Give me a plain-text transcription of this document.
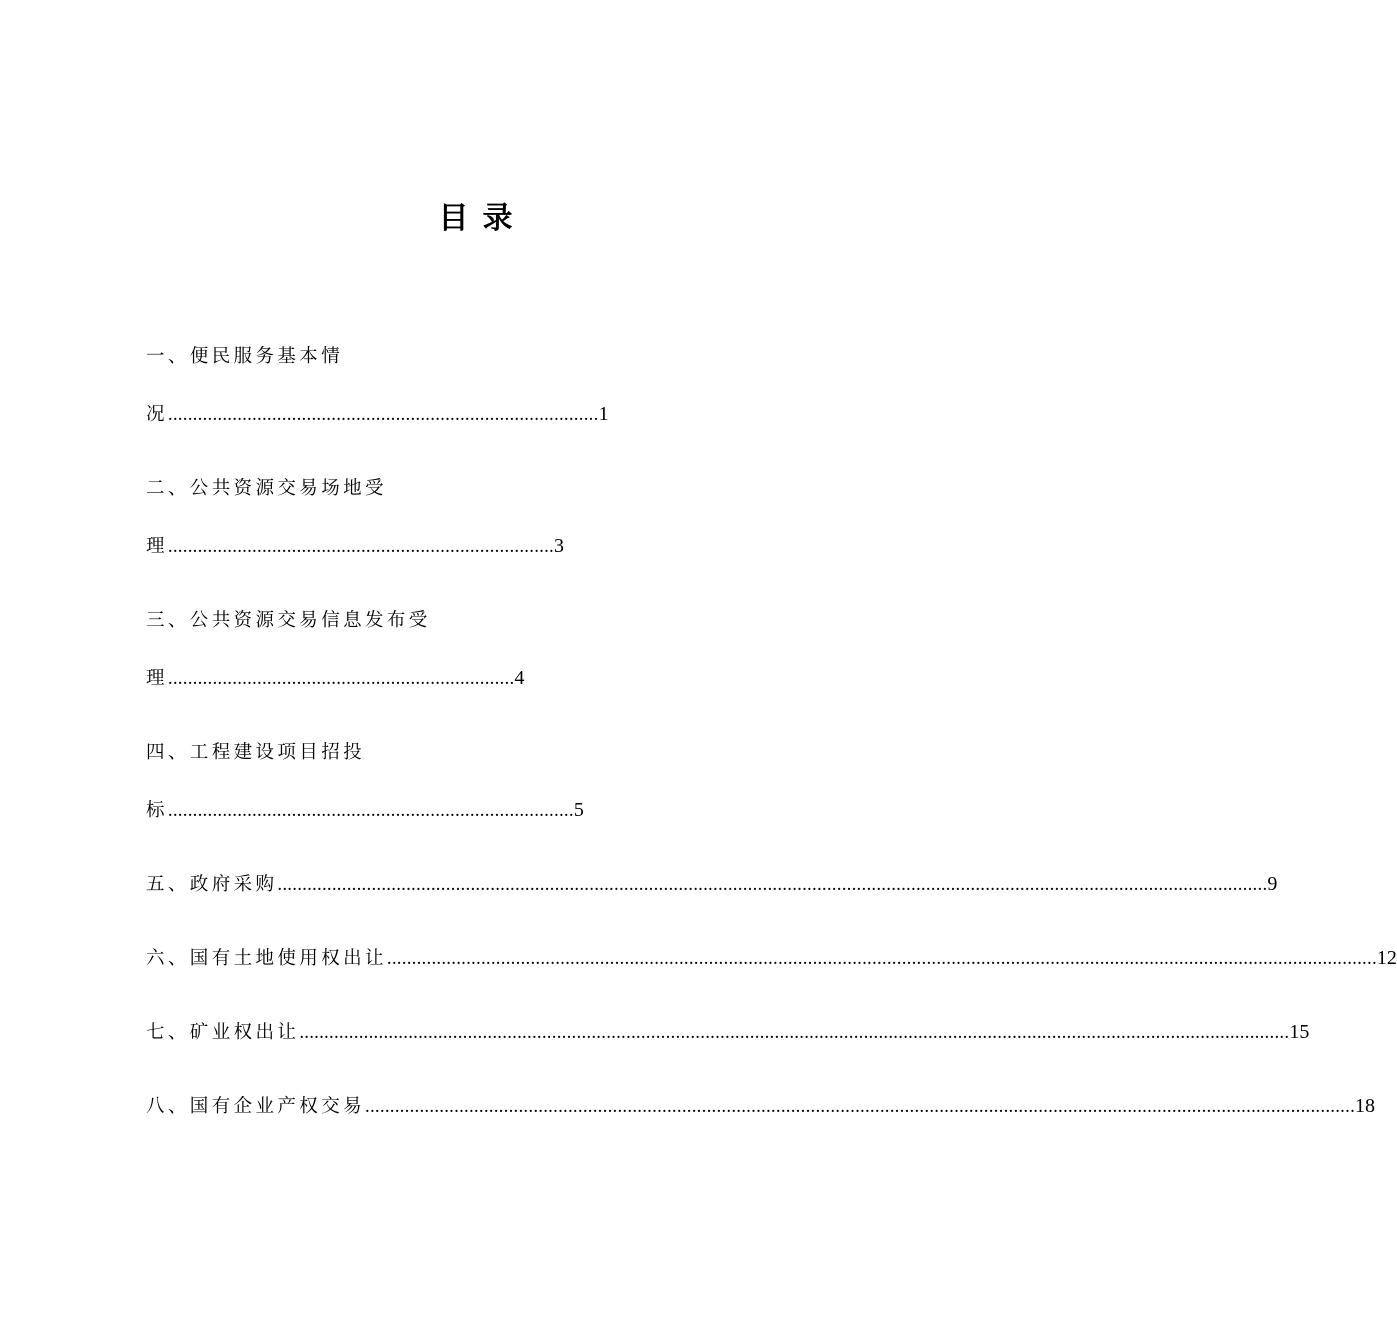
目录
一、便民服务基本情
况.......................................................................................1
二、公共资源交易场地受
理..............................................................................3
三、公共资源交易信息发布受
理......................................................................4
四、工程建设项目招投
标..................................................................................5
五、政府采购 ........................................................................................................................................................................................................ 9
六、国有土地使用权出让 ........................................................................................................................................................................................................ 12
七、矿业权出让 ........................................................................................................................................................................................................ 15
八、国有企业产权交易 ........................................................................................................................................................................................................ 18
